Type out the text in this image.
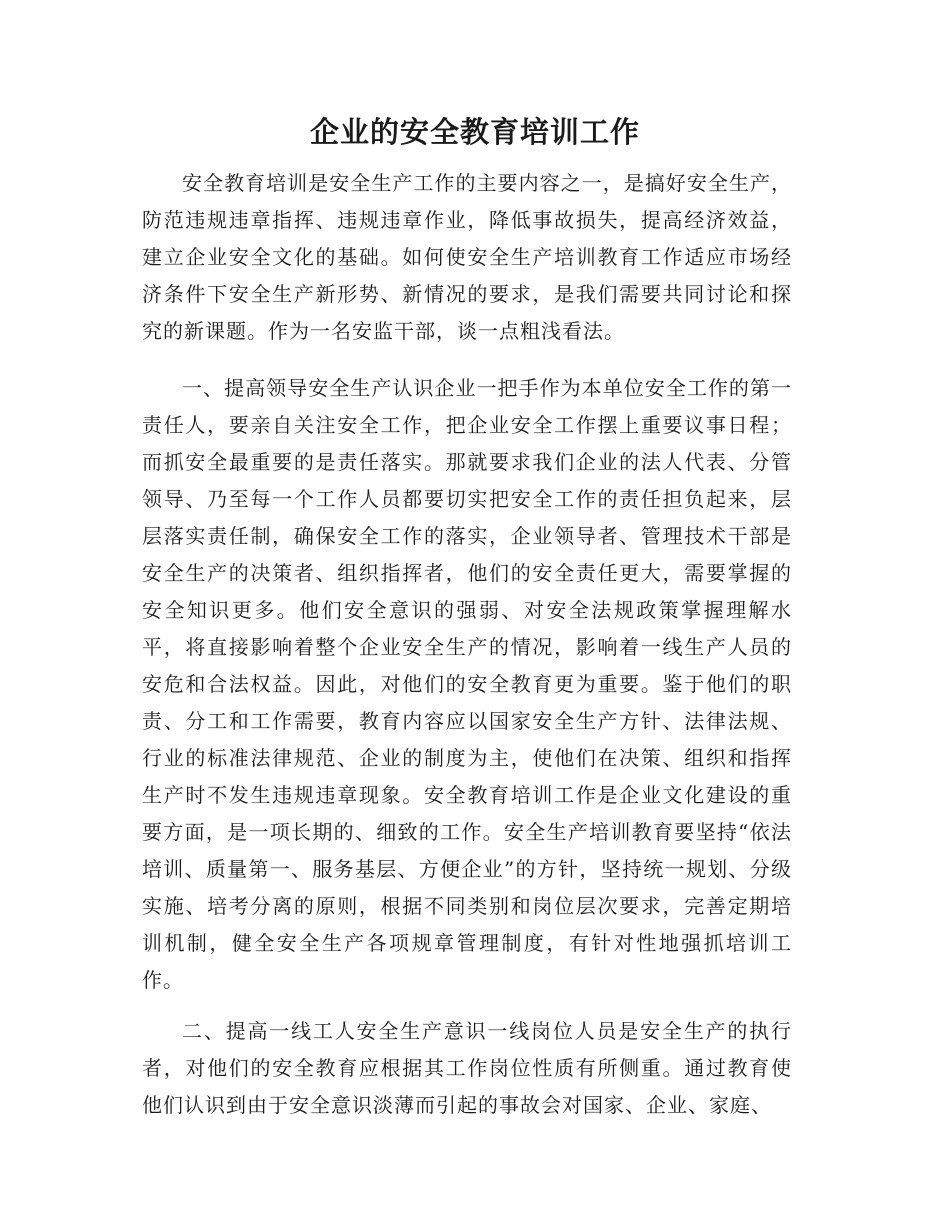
企业的安全教育培训工作

安全教育培训是安全生产工作的主要内容之一，是搞好安全生产，防范违规违章指挥、违规违章作业，降低事故损失，提高经济效益，建立企业安全文化的基础。如何使安全生产培训教育工作适应市场经济条件下安全生产新形势、新情况的要求，是我们需要共同讨论和探究的新课题。作为一名安监干部，谈一点粗浅看法。

一、提高领导安全生产认识企业一把手作为本单位安全工作的第一责任人，要亲自关注安全工作，把企业安全工作摆上重要议事日程；而抓安全最重要的是责任落实。那就要求我们企业的法人代表、分管领导、乃至每一个工作人员都要切实把安全工作的责任担负起来，层层落实责任制，确保安全工作的落实，企业领导者、管理技术干部是安全生产的决策者、组织指挥者，他们的安全责任更大，需要掌握的安全知识更多。他们安全意识的强弱、对安全法规政策掌握理解水平，将直接影响着整个企业安全生产的情况，影响着一线生产人员的安危和合法权益。因此，对他们的安全教育更为重要。鉴于他们的职责、分工和工作需要，教育内容应以国家安全生产方针、法律法规、行业的标准法律规范、企业的制度为主，使他们在决策、组织和指挥生产时不发生违规违章现象。安全教育培训工作是企业文化建设的重要方面，是一项长期的、细致的工作。安全生产培训教育要坚持“依法培训、质量第一、服务基层、方便企业”的方针，坚持统一规划、分级实施、培考分离的原则，根据不同类别和岗位层次要求，完善定期培训机制，健全安全生产各项规章管理制度，有针对性地强抓培训工作。

二、提高一线工人安全生产意识一线岗位人员是安全生产的执行者，对他们的安全教育应根据其工作岗位性质有所侧重。通过教育使他们认识到由于安全意识淡薄而引起的事故会对国家、企业、家庭、
